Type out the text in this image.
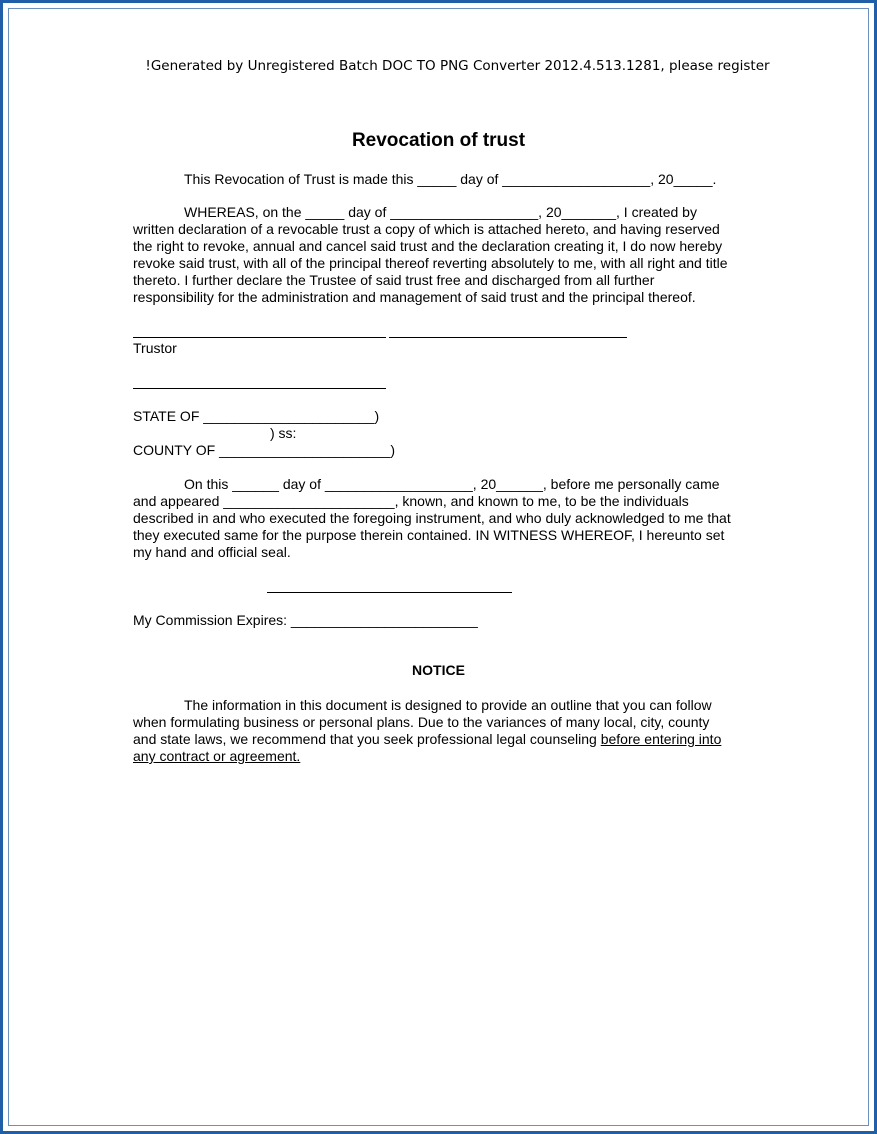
!Generated by Unregistered Batch DOC TO PNG Converter 2012.4.513.1281, please register
Revocation of trust
This Revocation of Trust is made this _____ day of ___________________, 20_____.
WHEREAS, on the _____ day of ___________________, 20_______, I created by
written declaration of a revocable trust a copy of which is attached hereto, and having reserved
the right to revoke, annual and cancel said trust and the declaration creating it, I do now hereby
revoke said trust, with all of the principal thereof reverting absolutely to me, with all right and title
thereto. I further declare the Trustee of said trust free and discharged from all further
responsibility for the administration and management of said trust and the principal thereof.
Trustor
STATE OF ______________________)
) ss:
COUNTY OF ______________________)
On this ______ day of ___________________, 20______, before me personally came
and appeared ______________________, known, and known to me, to be the individuals
described in and who executed the foregoing instrument, and who duly acknowledged to me that
they executed same for the purpose therein contained. IN WITNESS WHEREOF, I hereunto set
my hand and official seal.
My Commission Expires: ________________________
NOTICE
The information in this document is designed to provide an outline that you can follow
when formulating business or personal plans. Due to the variances of many local, city, county
and state laws, we recommend that you seek professional legal counseling before entering into
any contract or agreement.
